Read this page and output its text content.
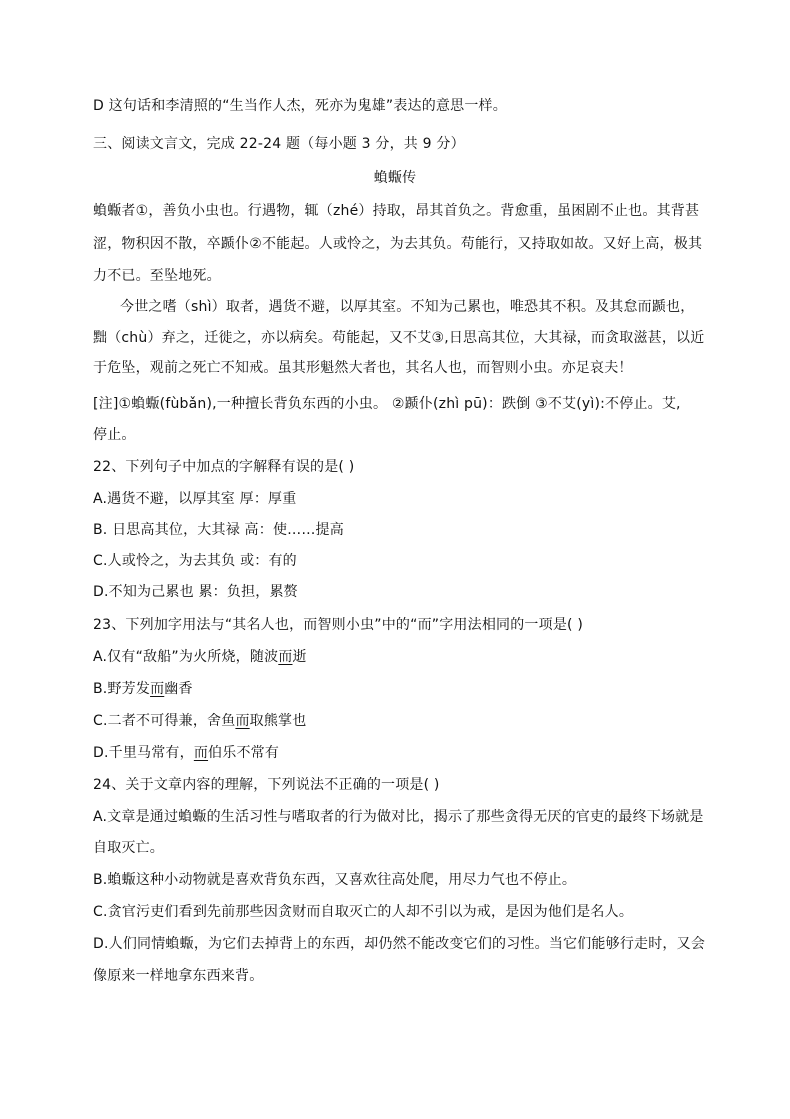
D 这句话和李清照的“生当作人杰，死亦为鬼雄”表达的意思一样。
三、阅读文言文，完成 22-24 题（每小题 3 分，共 9 分）
蝜蝂传
蝜蝂者①，善负小虫也。行遇物，辄（zhé）持取，昂其首负之。背愈重，虽困剧不止也。其背甚
涩，物积因不散，卒踬仆②不能起。人或怜之，为去其负。苟能行，又持取如故。又好上高，极其
力不已。至坠地死。
今世之嗜（shì）取者，遇货不避，以厚其室。不知为己累也，唯恐其不积。及其怠而踬也，
黜（chù）弃之，迁徙之，亦以病矣。苟能起，又不艾③,日思高其位，大其禄，而贪取滋甚，以近
于危坠，观前之死亡不知戒。虽其形魁然大者也，其名人也，而智则小虫。亦足哀夫！
[注]①蝜蝂(fùbǎn),一种擅长背负东西的小虫。 ②踬仆(zhì pū)：跌倒 ③不艾(yì):不停止。艾,
停止。
22、下列句子中加点的字解释有误的是( )
A.遇货不避，以厚其室 厚：厚重
B. 日思高其位，大其禄 高：使……提高
C.人或怜之，为去其负 或：有的
D.不知为己累也 累：负担，累赘
23、下列加字用法与“其名人也，而智则小虫”中的“而”字用法相同的一项是( )
A.仅有“敌船”为火所烧，随波而逝
B.野芳发而幽香
C.二者不可得兼，舍鱼而取熊掌也
D.千里马常有，而伯乐不常有
24、关于文章内容的理解，下列说法不正确的一项是( )
A.文章是通过蝜蝂的生活习性与嗜取者的行为做对比，揭示了那些贪得无厌的官吏的最终下场就是
自取灭亡。
B.蝜蝂这种小动物就是喜欢背负东西，又喜欢往高处爬，用尽力气也不停止。
C.贪官污吏们看到先前那些因贪财而自取灭亡的人却不引以为戒，是因为他们是名人。
D.人们同情蝜蝂，为它们去掉背上的东西，却仍然不能改变它们的习性。当它们能够行走时，又会
像原来一样地拿东西来背。
